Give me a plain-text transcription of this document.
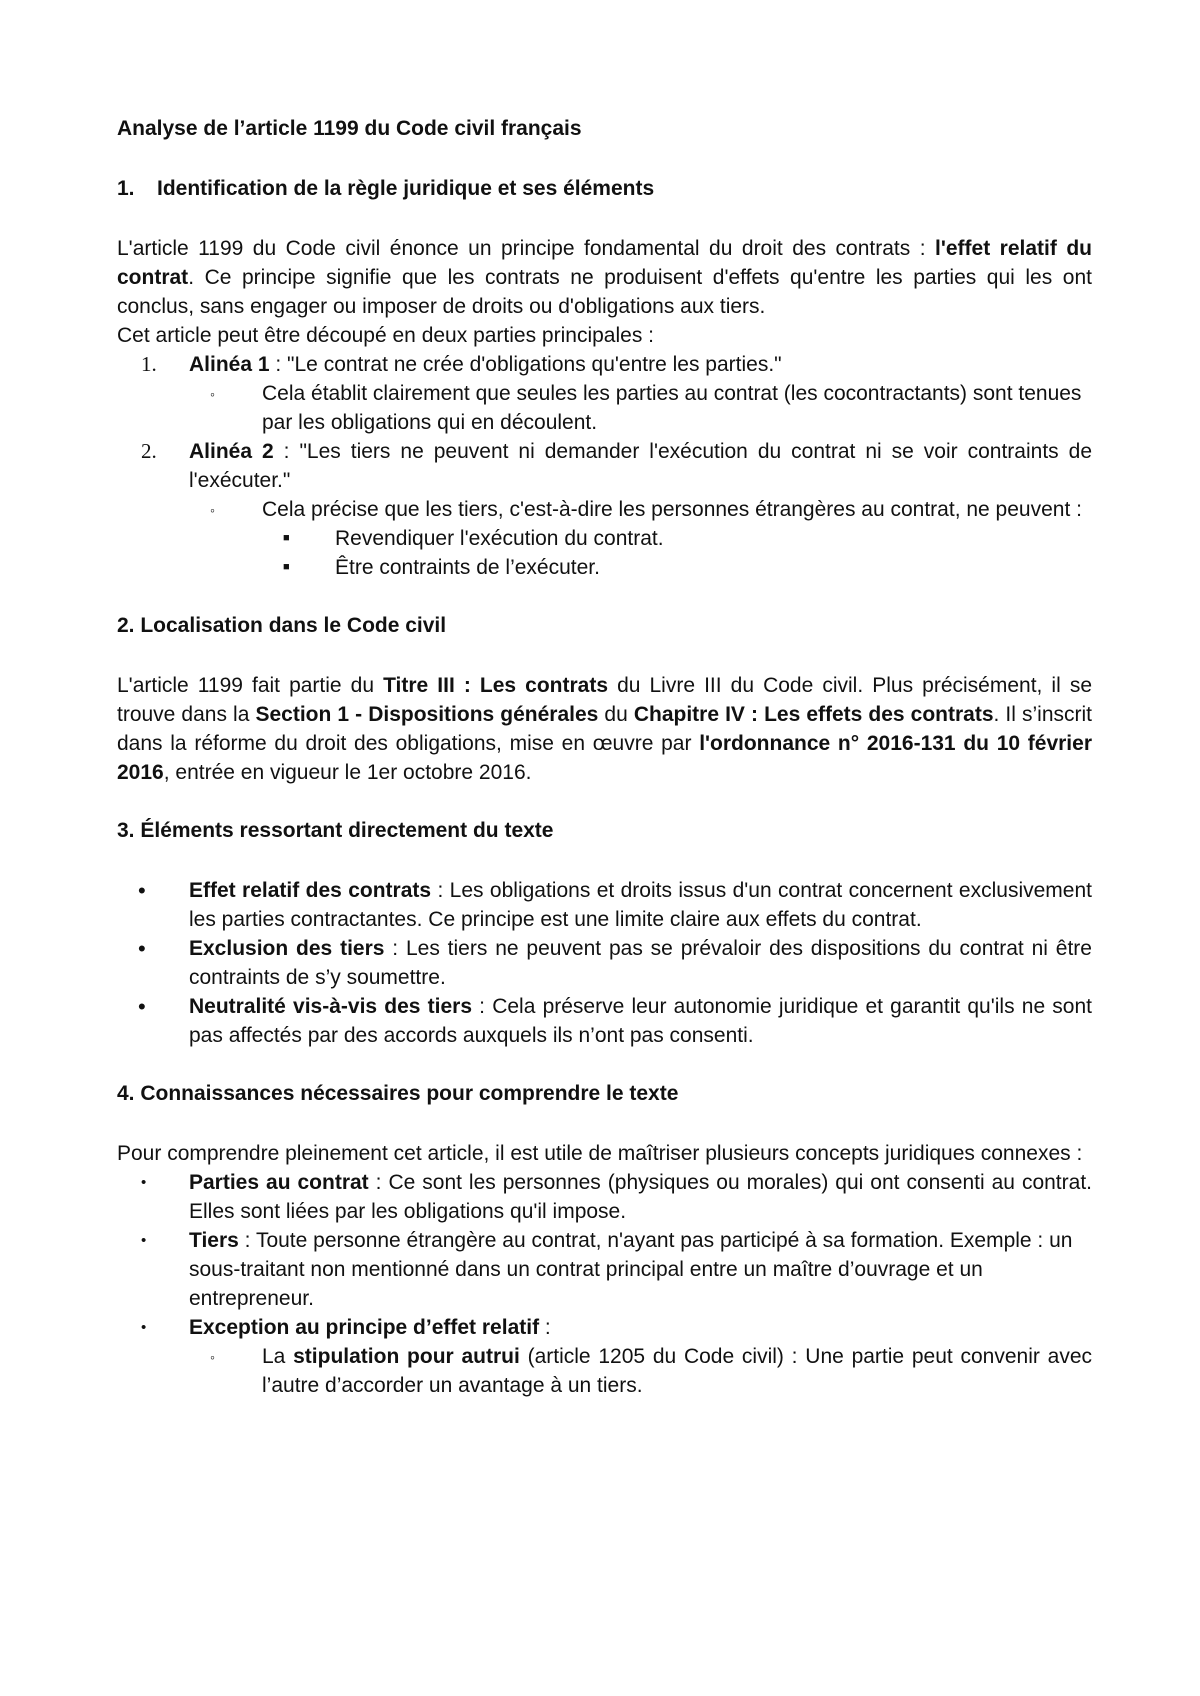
Analyse de l’article 1199 du Code civil français

1. Identification de la règle juridique et ses éléments

L'article 1199 du Code civil énonce un principe fondamental du droit des contrats : l'effet relatif du contrat. Ce principe signifie que les contrats ne produisent d'effets qu'entre les parties qui les ont conclus, sans engager ou imposer de droits ou d'obligations aux tiers.

Cet article peut être découpé en deux parties principales :

1. Alinéa 1 : "Le contrat ne crée d'obligations qu'entre les parties."
◦ Cela établit clairement que seules les parties au contrat (les cocontractants) sont tenues par les obligations qui en découlent.
2. Alinéa 2 : "Les tiers ne peuvent ni demander l'exécution du contrat ni se voir contraints de l'exécuter."
◦ Cela précise que les tiers, c'est-à-dire les personnes étrangères au contrat, ne peuvent :
■ Revendiquer l'exécution du contrat.
■ Être contraints de l’exécuter.

2. Localisation dans le Code civil

L'article 1199 fait partie du Titre III : Les contrats du Livre III du Code civil. Plus précisément, il se trouve dans la Section 1 - Dispositions générales du Chapitre IV : Les effets des contrats. Il s’inscrit dans la réforme du droit des obligations, mise en œuvre par l'ordonnance n° 2016-131 du 10 février 2016, entrée en vigueur le 1er octobre 2016.

3. Éléments ressortant directement du texte

• Effet relatif des contrats : Les obligations et droits issus d'un contrat concernent exclusivement les parties contractantes. Ce principe est une limite claire aux effets du contrat.
• Exclusion des tiers : Les tiers ne peuvent pas se prévaloir des dispositions du contrat ni être contraints de s’y soumettre.
• Neutralité vis-à-vis des tiers : Cela préserve leur autonomie juridique et garantit qu'ils ne sont pas affectés par des accords auxquels ils n’ont pas consenti.

4. Connaissances nécessaires pour comprendre le texte

Pour comprendre pleinement cet article, il est utile de maîtriser plusieurs concepts juridiques connexes :

• Parties au contrat : Ce sont les personnes (physiques ou morales) qui ont consenti au contrat. Elles sont liées par les obligations qu'il impose.
• Tiers : Toute personne étrangère au contrat, n'ayant pas participé à sa formation. Exemple : un sous-traitant non mentionné dans un contrat principal entre un maître d’ouvrage et un entrepreneur.
• Exception au principe d’effet relatif :
◦ La stipulation pour autrui (article 1205 du Code civil) : Une partie peut convenir avec l’autre d’accorder un avantage à un tiers.
